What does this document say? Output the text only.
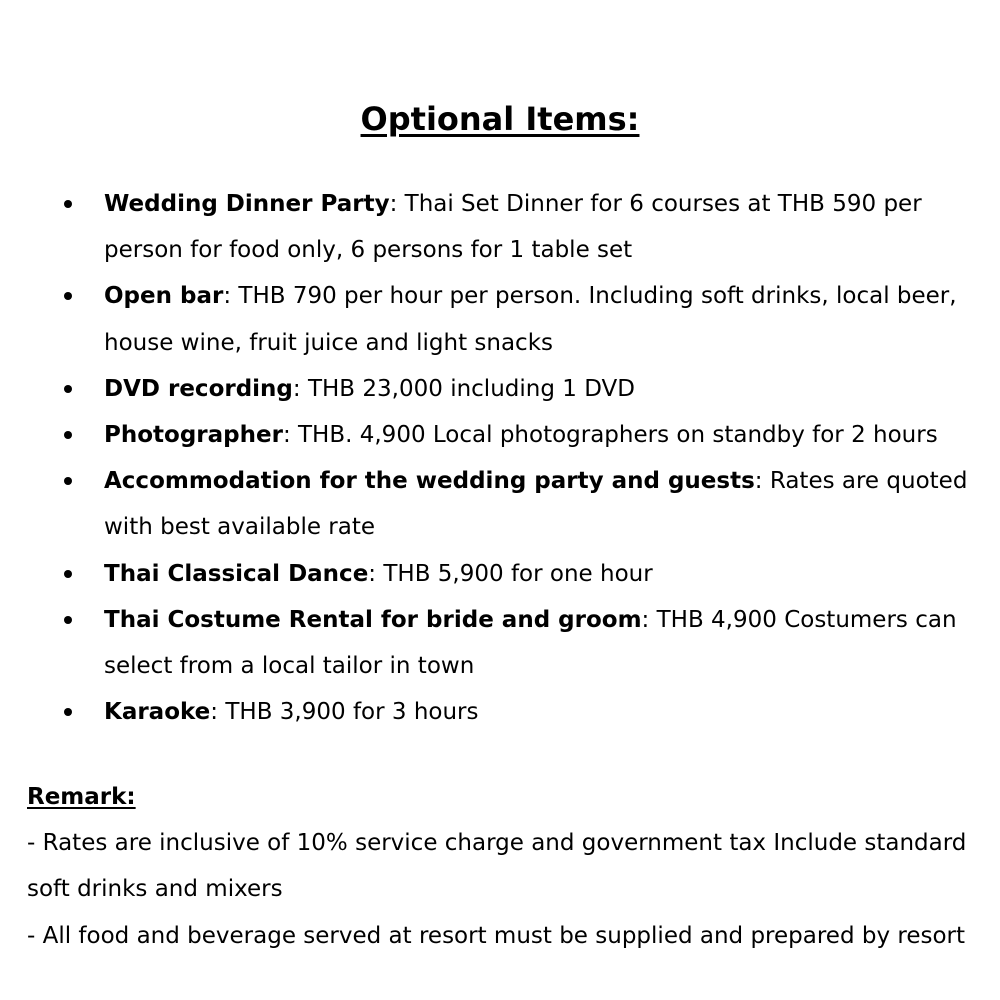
Optional Items:
Wedding Dinner Party: Thai Set Dinner for 6 courses at THB 590 per person for food only, 6 persons for 1 table set
Open bar: THB 790 per hour per person. Including soft drinks, local beer, house wine, fruit juice and light snacks
DVD recording: THB 23,000 including 1 DVD
Photographer: THB. 4,900 Local photographers on standby for 2 hours
Accommodation for the wedding party and guests: Rates are quoted with best available rate
Thai Classical Dance: THB 5,900 for one hour
Thai Costume Rental for bride and groom: THB 4,900 Costumers can select from a local tailor in town
Karaoke: THB 3,900 for 3 hours

Remark:

- Rates are inclusive of 10% service charge and government tax Include standard soft drinks and mixers

- All food and beverage served at resort must be supplied and prepared by resort
